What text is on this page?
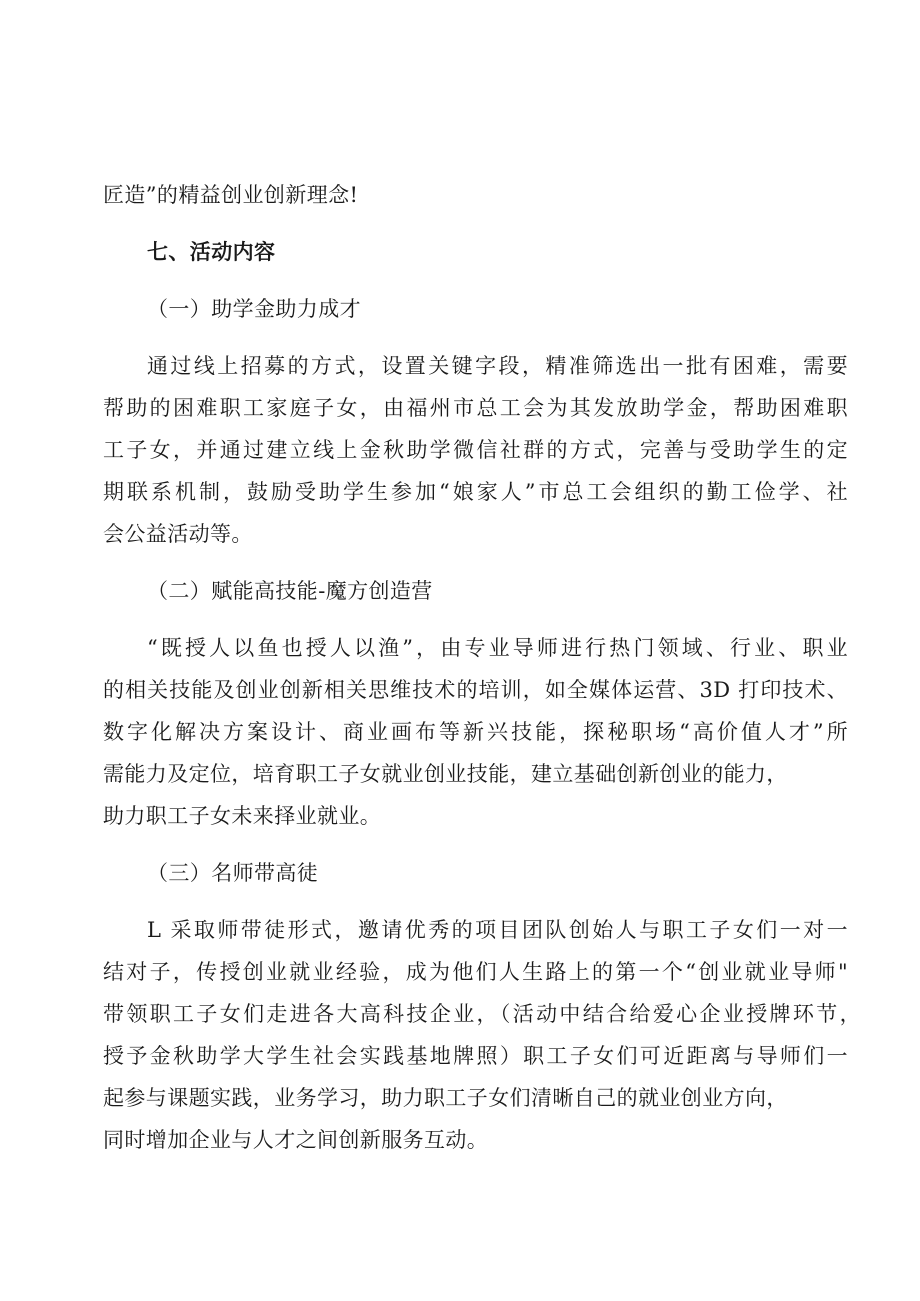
匠造”的精益创业创新理念!

七、活动内容

（一）助学金助力成才

通过线上招募的方式，设置关键字段，精准筛选出一批有困难，需要

帮助的困难职工家庭子女，由福州市总工会为其发放助学金，帮助困难职

工子女，并通过建立线上金秋助学微信社群的方式，完善与受助学生的定

期联系机制，鼓励受助学生参加“娘家人”市总工会组织的勤工俭学、社

会公益活动等。

（二）赋能高技能-魔方创造营

“既授人以鱼也授人以渔”，由专业导师进行热门领域、行业、职业

的相关技能及创业创新相关思维技术的培训，如全媒体运营、3D 打印技术、

数字化解决方案设计、商业画布等新兴技能，探秘职场“高价值人才”所

需能力及定位，培育职工子女就业创业技能，建立基础创新创业的能力，

助力职工子女未来择业就业。

（三）名师带高徒

L 采取师带徒形式，邀请优秀的项目团队创始人与职工子女们一对一

结对子，传授创业就业经验，成为他们人生路上的第一个“创业就业导师"

带领职工子女们走进各大高科技企业，（活动中结合给爱心企业授牌环节，

授予金秋助学大学生社会实践基地牌照）职工子女们可近距离与导师们一

起参与课题实践，业务学习，助力职工子女们清晰自己的就业创业方向，

同时增加企业与人才之间创新服务互动。
